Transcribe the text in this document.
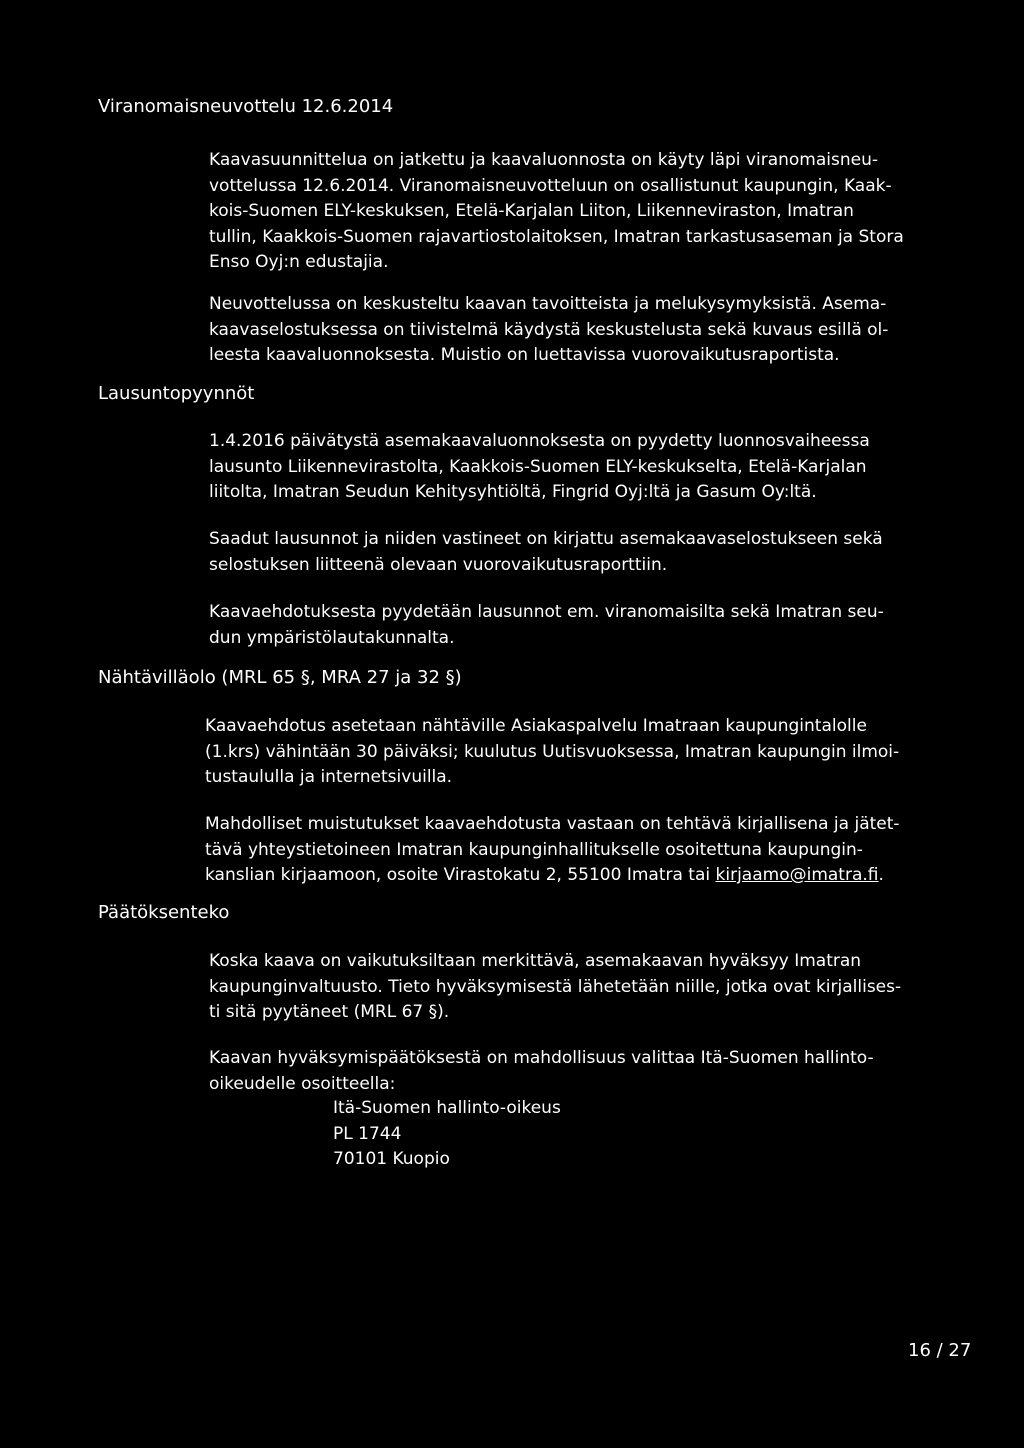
Viranomaisneuvottelu 12.6.2014
Lausuntopyynnöt
Nähtävilläolo (MRL 65 §, MRA 27 ja 32 §)
Päätöksenteko
Kaavasuunnittelua on jatkettu ja kaavaluonnosta on käyty läpi viranomaisneu-
vottelussa 12.6.2014. Viranomaisneuvotteluun on osallistunut kaupungin, Kaak-
kois-Suomen ELY-keskuksen, Etelä-Karjalan Liiton, Liikenneviraston, Imatran
tullin, Kaakkois-Suomen rajavartiostolaitoksen, Imatran tarkastusaseman ja Stora
Enso Oyj:n edustajia.
Neuvottelussa on keskusteltu kaavan tavoitteista ja melukysymyksistä. Asema-
kaavaselostuksessa on tiivistelmä käydystä keskustelusta sekä kuvaus esillä ol-
leesta kaavaluonnoksesta. Muistio on luettavissa vuorovaikutusraportista.
1.4.2016 päivätystä asemakaavaluonnoksesta on pyydetty luonnosvaiheessa
lausunto Liikennevirastolta, Kaakkois-Suomen ELY-keskukselta, Etelä-Karjalan
liitolta, Imatran Seudun Kehitysyhtiöltä, Fingrid Oyj:ltä ja Gasum Oy:ltä.
Saadut lausunnot ja niiden vastineet on kirjattu asemakaavaselostukseen sekä
selostuksen liitteenä olevaan vuorovaikutusraporttiin.
Kaavaehdotuksesta pyydetään lausunnot em. viranomaisilta sekä Imatran seu-
dun ympäristölautakunnalta.
Kaavaehdotus asetetaan nähtäville Asiakaspalvelu Imatraan kaupungintalolle
(1.krs) vähintään 30 päiväksi; kuulutus Uutisvuoksessa, Imatran kaupungin ilmoi-
tustaululla ja internetsivuilla.
Mahdolliset muistutukset kaavaehdotusta vastaan on tehtävä kirjallisena ja jätet-
tävä yhteystietoineen Imatran kaupunginhallitukselle osoitettuna kaupungin-
kanslian kirjaamoon, osoite Virastokatu 2, 55100 Imatra tai kirjaamo@imatra.fi.
Koska kaava on vaikutuksiltaan merkittävä, asemakaavan hyväksyy Imatran
kaupunginvaltuusto. Tieto hyväksymisestä lähetetään niille, jotka ovat kirjallises-
ti sitä pyytäneet (MRL 67 §).
Kaavan hyväksymispäätöksestä on mahdollisuus valittaa Itä-Suomen hallinto-
oikeudelle osoitteella:
Itä-Suomen hallinto-oikeus
PL 1744
70101 Kuopio
16 / 27
